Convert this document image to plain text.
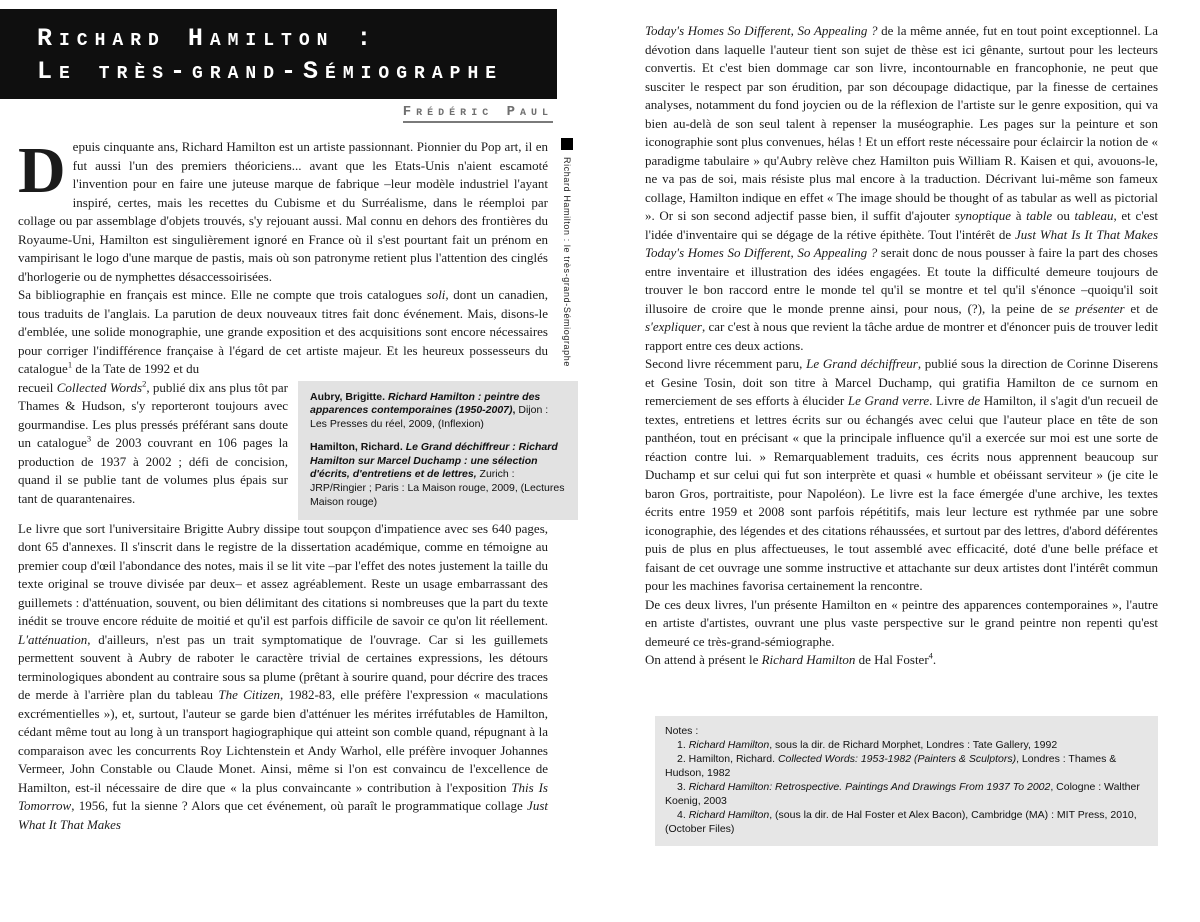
Richard Hamilton :
Le très-grand-Sémiographe
Frédéric Paul

Depuis cinquante ans, Richard Hamilton est un artiste passionnant. Pionnier du Pop art, il en fut aussi l'un des premiers théoriciens... avant que les Etats-Unis n'aient escamoté l'invention pour en faire une juteuse marque de fabrique –leur modèle industriel l'ayant inspiré, certes, mais les recettes du Cubisme et du Surréalisme, dans le réemploi par collage ou par assemblage d'objets trouvés, s'y rejouant aussi. Mal connu en dehors des frontières du Royaume-Uni, Hamilton est singulièrement ignoré en France où il s'est pourtant fait un prénom en vampirisant le logo d'une marque de pastis, mais où son patronyme retient plus l'attention des cinglés d'horlogerie ou de nymphettes désaccessoirisées.

Sa bibliographie en français est mince. Elle ne compte que trois catalogues soli, dont un canadien, tous traduits de l'anglais. La parution de deux nouveaux titres fait donc événement. Mais, disons-le d'emblée, une solide monographie, une grande exposition et des acquisitions sont encore nécessaires pour corriger l'indifférence française à l'égard de cet artiste majeur. Et les heureux possesseurs du catalogue$^1$ de la Tate de 1992 et du

recueil Collected Words$^2$, publié dix ans plus tôt par Thames & Hudson, s'y reporteront toujours avec gourmandise. Les plus pressés préférant sans doute un catalogue$^3$ de 2003 couvrant en 106 pages la production de 1937 à 2002 ; défi de concision, quand il se publie tant de volumes plus épais sur tant de quarantenaires.

Aubry, Brigitte. Richard Hamilton : peintre des apparences contemporaines (1950-2007), Dijon : Les Presses du réel, 2009, (Inflexion)

Hamilton, Richard. Le Grand déchiffreur : Richard Hamilton sur Marcel Duchamp : une sélection d'écrits, d'entretiens et de lettres, Zurich : JRP/Ringier ; Paris : La Maison rouge, 2009, (Lectures Maison rouge)

Le livre que sort l'universitaire Brigitte Aubry dissipe tout soupçon d'impatience avec ses 640 pages, dont 65 d'annexes. Il s'inscrit dans le registre de la dissertation académique, comme en témoigne au premier coup d'œil l'abondance des notes, mais il se lit vite –par l'effet des notes justement la taille du texte original se trouve divisée par deux– et assez agréablement. Reste un usage embarrassant des guillemets : d'atténuation, souvent, ou bien délimitant des citations si nombreuses que la part du texte inédit se trouve encore réduite de moitié et qu'il est parfois difficile de savoir ce qu'on lit réellement. L'atténuation, d'ailleurs, n'est pas un trait symptomatique de l'ouvrage. Car si les guillemets permettent souvent à Aubry de raboter le caractère trivial de certaines expressions, les détours terminologiques abondent au contraire sous sa plume (prêtant à sourire quand, pour décrire des traces de merde à l'arrière plan du tableau The Citizen, 1982-83, elle préfère l'expression « maculations excrémentielles »), et, surtout, l'auteur se garde bien d'atténuer les mérites irréfutables de Hamilton, cédant même tout au long à un transport hagiographique qui atteint son comble quand, répugnant à la comparaison avec les concurrents Roy Lichtenstein et Andy Warhol, elle préfère invoquer Johannes Vermeer, John Constable ou Claude Monet. Ainsi, même si l'on est convaincu de l'excellence de Hamilton, est-il nécessaire de dire que « la plus convaincante » contribution à l'exposition This Is Tomorrow, 1956, fut la sienne ? Alors que cet événement, où paraît le programmatique collage Just What It That Makes

Richard Hamilton : le très-grand-Sémiographe

Today's Homes So Different, So Appealing ? de la même année, fut en tout point exceptionnel. La dévotion dans laquelle l'auteur tient son sujet de thèse est ici gênante, surtout pour les lecteurs convertis. Et c'est bien dommage car son livre, incontournable en francophonie, ne peut que susciter le respect par son érudition, par son découpage didactique, par la finesse de certaines analyses, notamment du fond joycien ou de la réflexion de l'artiste sur le genre exposition, qui va bien au-delà de son seul talent à repenser la muséographie. Les pages sur la peinture et son iconographie sont plus convenues, hélas ! Et un effort reste nécessaire pour éclaircir la notion de « paradigme tabulaire » qu'Aubry relève chez Hamilton puis William R. Kaisen et qui, avouons-le, ne va pas de soi, mais résiste plus mal encore à la traduction. Décrivant lui-même son fameux collage, Hamilton indique en effet « The image should be thought of as tabular as well as pictorial ». Or si son second adjectif passe bien, il suffit d'ajouter synoptique à table ou tableau, et c'est l'idée d'inventaire qui se dégage de la rétive épithète. Tout l'intérêt de Just What Is It That Makes Today's Homes So Different, So Appealing ? serait donc de nous pousser à faire la part des choses entre inventaire et illustration des idées engagées. Et toute la difficulté demeure toujours de trouver le bon raccord entre le monde tel qu'il se montre et tel qu'il s'énonce –quoiqu'il soit illusoire de croire que le monde prenne ainsi, pour nous, (?), la peine de se présenter et de s'expliquer, car c'est à nous que revient la tâche ardue de montrer et d'énoncer puis de trouver ledit rapport entre ces deux actions.

Second livre récemment paru, Le Grand déchiffreur, publié sous la direction de Corinne Diserens et Gesine Tosin, doit son titre à Marcel Duchamp, qui gratifia Hamilton de ce surnom en remerciement de ses efforts à élucider Le Grand verre. Livre de Hamilton, il s'agit d'un recueil de textes, entretiens et lettres écrits sur ou échangés avec celui que l'auteur place en tête de son panthéon, tout en précisant « que la principale influence qu'il a exercée sur moi est une sorte de réaction contre lui. » Remarquablement traduits, ces écrits nous apprennent beaucoup sur Duchamp et sur celui qui fut son interprète et quasi « humble et obéissant serviteur » (je cite le baron Gros, portraitiste, pour Napoléon). Le livre est la face émergée d'une archive, les textes écrits entre 1959 et 2008 sont parfois répétitifs, mais leur lecture est rythmée par une sobre iconographie, des légendes et des citations réhaussées, et surtout par des lettres, d'abord déférentes puis de plus en plus affectueuses, le tout assemblé avec efficacité, doté d'une belle préface et faisant de cet ouvrage une somme instructive et attachante sur deux artistes dont l'intérêt commun pour les machines favorisa certainement la rencontre.

De ces deux livres, l'un présente Hamilton en « peintre des apparences contemporaines », l'autre en artiste d'artistes, ouvrant une plus vaste perspective sur le grand peintre non repenti qu'est demeuré ce très-grand-sémiographe.

On attend à présent le Richard Hamilton de Hal Foster$^4$.

Notes :

1. Richard Hamilton, sous la dir. de Richard Morphet, Londres : Tate Gallery, 1992

2. Hamilton, Richard. Collected Words: 1953-1982 (Painters & Sculptors), Londres : Thames & Hudson, 1982

3. Richard Hamilton: Retrospective. Paintings And Drawings From 1937 To 2002, Cologne : Walther Koenig, 2003

4. Richard Hamilton, (sous la dir. de Hal Foster et Alex Bacon), Cambridge (MA) : MIT Press, 2010, (October Files)
